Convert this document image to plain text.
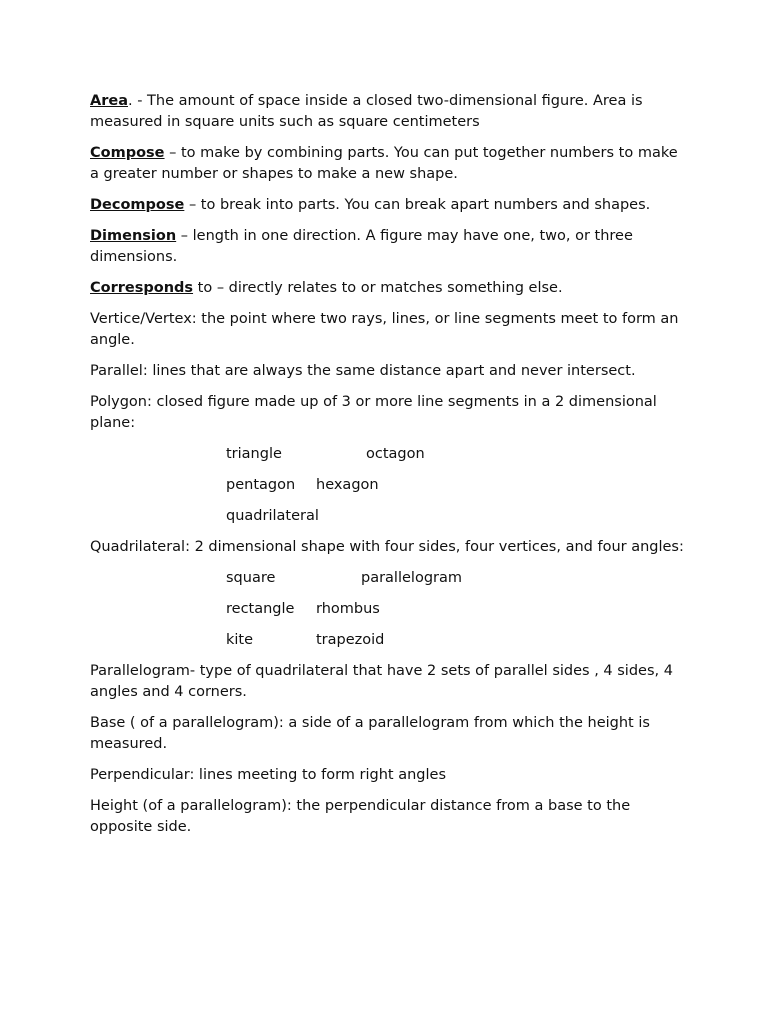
Area. - The amount of space inside a closed two-dimensional figure. Area is measured in square units such as square centimeters

Compose – to make by combining parts. You can put together numbers to make a greater number or shapes to make a new shape.

Decompose – to break into parts. You can break apart numbers and shapes.

Dimension – length in one direction. A figure may have one, two, or three dimensions.

Corresponds to – directly relates to or matches something else.

Vertice/Vertex: the point where two rays, lines, or line segments meet to form an angle.

Parallel: lines that are always the same distance apart and never intersect.

Polygon: closed figure made up of 3 or more line segments in a 2 dimensional plane:

triangle	octagon
pentagon hexagon
quadrilateral

Quadrilateral: 2 dimensional shape with four sides, four vertices, and four angles:

square	parallelogram
rectangle rhombus
kite	trapezoid

Parallelogram- type of quadrilateral that have 2 sets of parallel sides , 4 sides, 4 angles and 4 corners.

Base ( of a parallelogram): a side of a parallelogram from which the height is measured.

Perpendicular: lines meeting to form right angles

Height (of a parallelogram): the perpendicular distance from a base to the opposite side.
